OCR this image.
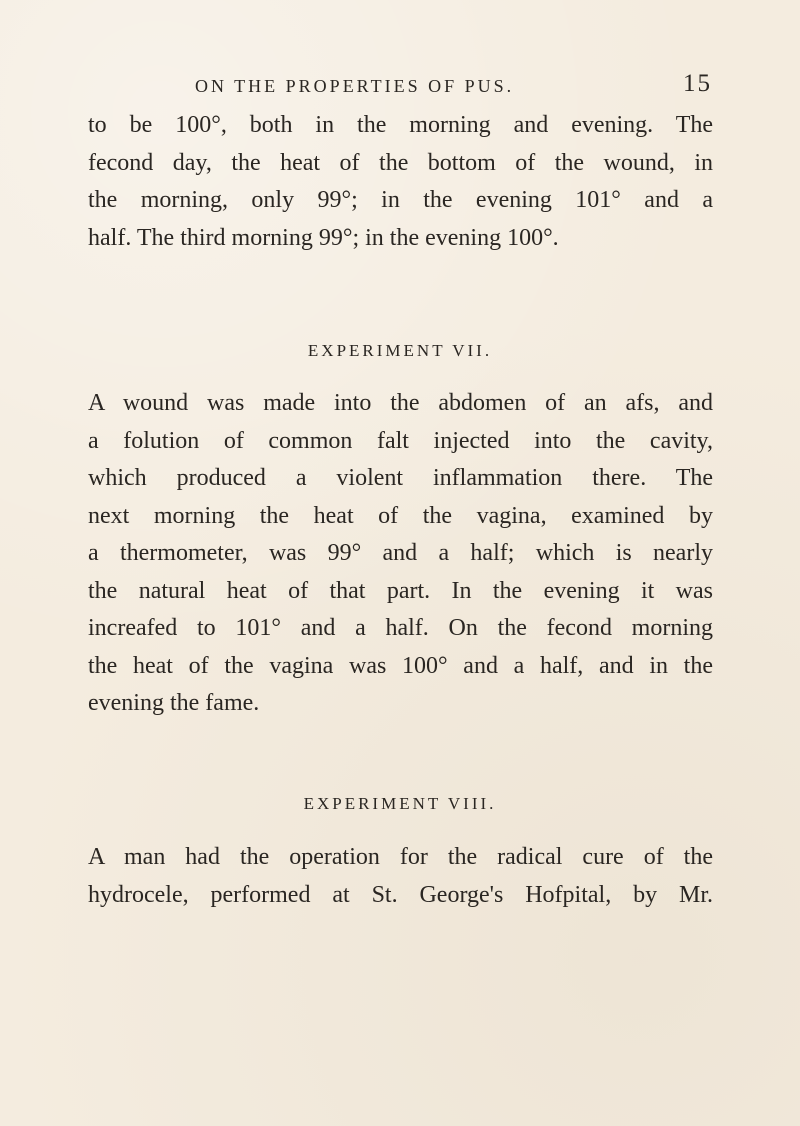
ON THE PROPERTIES OF PUS.	15
to be 100°, both in the morning and evening. The
fecond day, the heat of the bottom of the wound, in
the morning, only 99°; in the evening 101° and a
half. The third morning 99°; in the evening 100°.
EXPERIMENT VII.
A wound was made into the abdomen of an afs, and
a folution of common falt injected into the cavity,
which produced a violent inflammation there. The
next morning the heat of the vagina, examined by
a thermometer, was 99° and a half; which is nearly
the natural heat of that part. In the evening it was
increafed to 101° and a half. On the fecond morning
the heat of the vagina was 100° and a half, and in the
evening the fame.
EXPERIMENT VIII.
A man had the operation for the radical cure of the
hydrocele, performed at St. George's Hofpital, by Mr.
